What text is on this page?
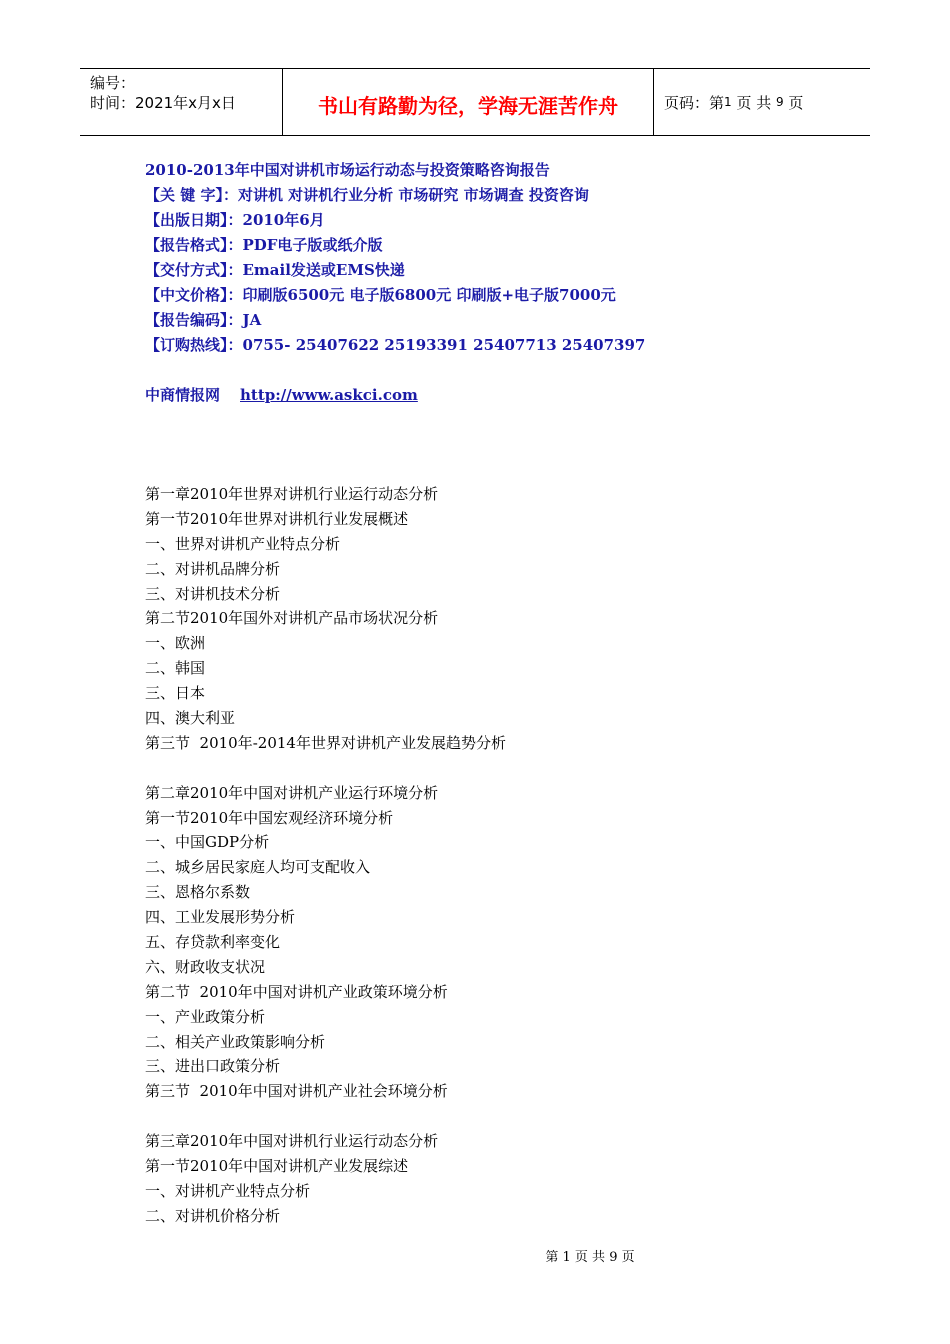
编号：
时间：2021年x月x日	书山有路勤为径，学海无涯苦作舟	页码：第 1
页 共
9
页
2010-2013年中国对讲机市场运行动态与投资策略咨询报告
【关 键 字】：对讲机 对讲机行业分析 市场研究 市场调查 投资咨询
【出版日期】：2010年6月
【报告格式】：PDF电子版或纸介版
【交付方式】：Email发送或EMS快递
【中文价格】：印刷版6500元 电子版6800元 印刷版+电子版7000元
【报告编码】：JA
【订购热线】：0755- 25407622 25193391 25407713 25407397
中商情报网 http://www.askci.com
第一章2010年世界对讲机行业运行动态分析
第一节2010年世界对讲机行业发展概述
一、世界对讲机产业特点分析
二、对讲机品牌分析
三、对讲机技术分析
第二节2010年国外对讲机产品市场状况分析
一、欧洲
二、韩国
三、日本
四、澳大利亚
第三节  2010年-2014年世界对讲机产业发展趋势分析
第二章2010年中国对讲机产业运行环境分析
第一节2010年中国宏观经济环境分析
一、中国GDP分析
二、城乡居民家庭人均可支配收入
三、恩格尔系数
四、工业发展形势分析
五、存贷款利率变化
六、财政收支状况
第二节  2010年中国对讲机产业政策环境分析
一、产业政策分析
二、相关产业政策影响分析
三、进出口政策分析
第三节  2010年中国对讲机产业社会环境分析
第三章2010年中国对讲机行业运行动态分析
第一节2010年中国对讲机产业发展综述
一、对讲机产业特点分析
二、对讲机价格分析
第 1 页 共 9 页
